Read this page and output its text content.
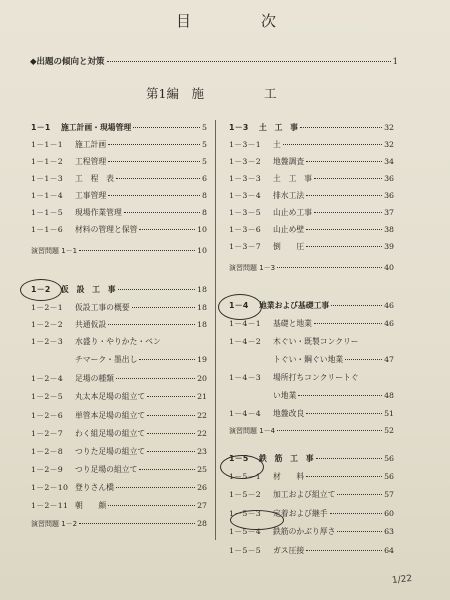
目	次
◆出題の傾向と対策	1
第1編　施	工
1－1	施工計画・現場管理	5
1－1－1	施工計画	5
1－1－2	工程管理	5
1－1－3	工　程　表	6
1－1－4	工事管理	8
1－1－5	現場作業管理	8
1－1－6	材料の管理と保管	10
演習問題 1－1	10
1－2	仮　設　工　事	18
1－2－1	仮設工事の概要	18
1－2－2	共通仮設	18
1－2－3	水盛り・やりかた・ベン
チマーク・墨出し	19
1－2－4	足場の種類	20
1－2－5	丸太本足場の組立て	21
1－2－6	単管本足場の組立て	22
1－2－7	わく組足場の組立て	22
1－2－8	つりた足場の組立て	23
1－2－9	つり足場の組立て	25
1－2－10 登りさん橋	26
1－2－11 朝　　顔	27
演習問題 1－2	28
1－3	土　工　事	32
1－3－1	土	32
1－3－2	地盤調査	34
1－3－3	土　工　事	36
1－3－4	排水工法	36
1－3－5	山止め工事	37
1－3－6	山止め壁	38
1－3－7	倒　　圧	39
演習問題 1－3	40
1－4	地業および基礎工事	46
1－4－1	基礎と地業	46
1－4－2	木ぐい・既製コンクリー
トぐい・鋼ぐい地業	47
1－4－3	場所打ちコンクリートぐ
い地業	48
1－4－4	地盤改良	51
演習問題 1－4	52
1－5	鉄　筋　工　事	56
1－5－1	材　　料	56
1－5－2	加工および組立て	57
1－5－3	定着および継手	60
1－5－4	鉄筋のかぶり厚さ	63
1－5－5	ガス圧接	64
1/22
